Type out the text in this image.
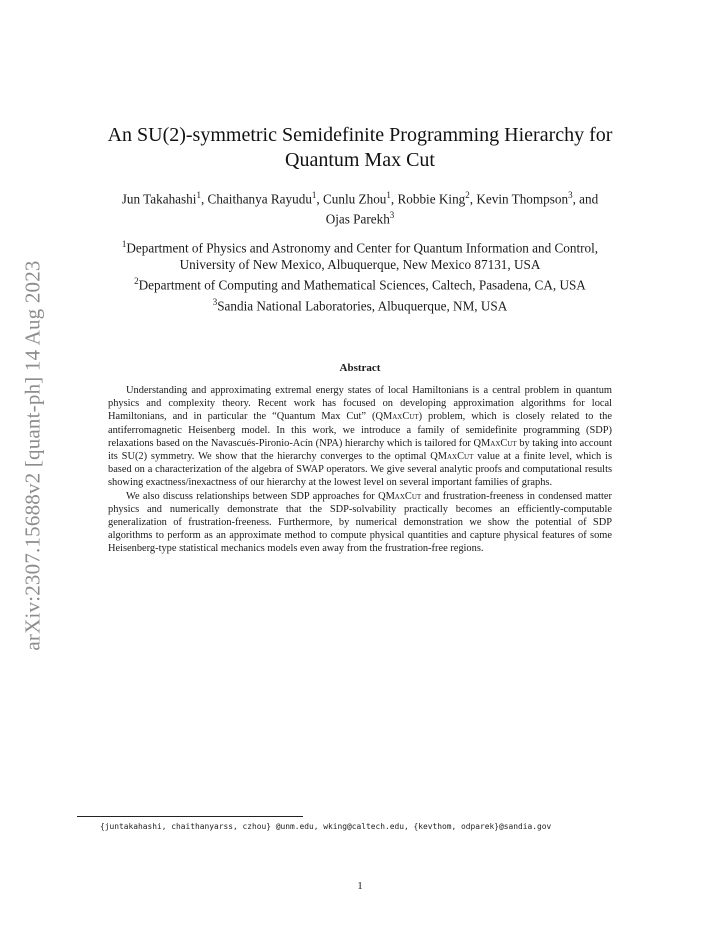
arXiv:2307.15688v2 [quant-ph] 14 Aug 2023
An SU(2)-symmetric Semidefinite Programming Hierarchy for
Quantum Max Cut
Jun Takahashi$^1$, Chaithanya Rayudu$^1$, Cunlu Zhou$^1$, Robbie King$^2$, Kevin Thompson$^3$, and
Ojas Parekh$^3$
$^1$Department of Physics and Astronomy and Center for Quantum Information and Control,
University of New Mexico, Albuquerque, New Mexico 87131, USA
$^2$Department of Computing and Mathematical Sciences, Caltech, Pasadena, CA, USA
$^3$Sandia National Laboratories, Albuquerque, NM, USA
Abstract

Understanding and approximating extremal energy states of local Hamiltonians is a central problem in quantum physics and complexity theory. Recent work has focused on developing approximation algorithms for local Hamiltonians, and in particular the “Quantum Max Cut” (QMaxCut) problem, which is closely related to the antiferromagnetic Heisenberg model. In this work, we introduce a family of semidefinite programming (SDP) relaxations based on the Navascués-Pironio-Acín (NPA) hierarchy which is tailored for QMaxCut by taking into account its SU(2) symmetry. We show that the hierarchy converges to the optimal QMaxCut value at a finite level, which is based on a characterization of the algebra of SWAP operators. We give several analytic proofs and computational results showing exactness/inexactness of our hierarchy at the lowest level on several important families of graphs.

We also discuss relationships between SDP approaches for QMaxCut and frustration-freeness in condensed matter physics and numerically demonstrate that the SDP-solvability practically becomes an efficiently-computable generalization of frustration-freeness. Furthermore, by numerical demonstration we show the potential of SDP algorithms to perform as an approximate method to compute physical quantities and capture physical features of some Heisenberg-type statistical mechanics models even away from the frustration-free regions.

{juntakahashi, chaithanyarss, czhou} @unm.edu, wking@caltech.edu, {kevthom, odparek}@sandia.gov
1
